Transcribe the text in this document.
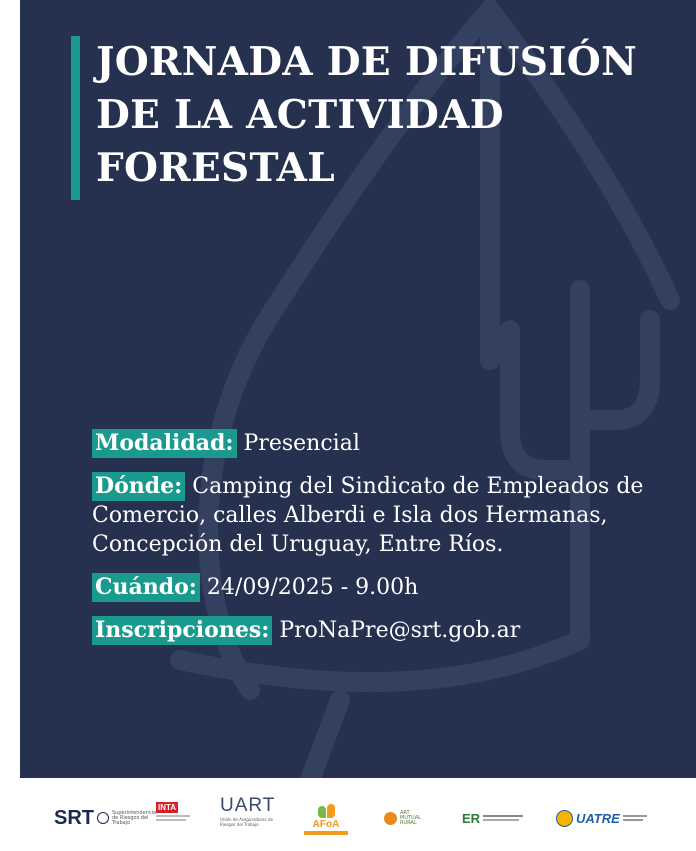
JORNADA DE DIFUSIÓN
DE LA ACTIVIDAD
FORESTAL

Modalidad: Presencial

Dónde: Camping del Sindicato de Empleados de Comercio, calles Alberdi e Isla dos Hermanas, Concepción del Uruguay, Entre Ríos.

Cuándo: 24/09/2025 - 9.00h

Inscripciones: ProNaPre@srt.gob.ar

SRT	Superintendencia de Riesgos del Trabajo
INTA UART
Unión de Aseguradoras de Riesgos del Trabajo	AFoA
ART MUTUAL RURAL	ER	UATRE
